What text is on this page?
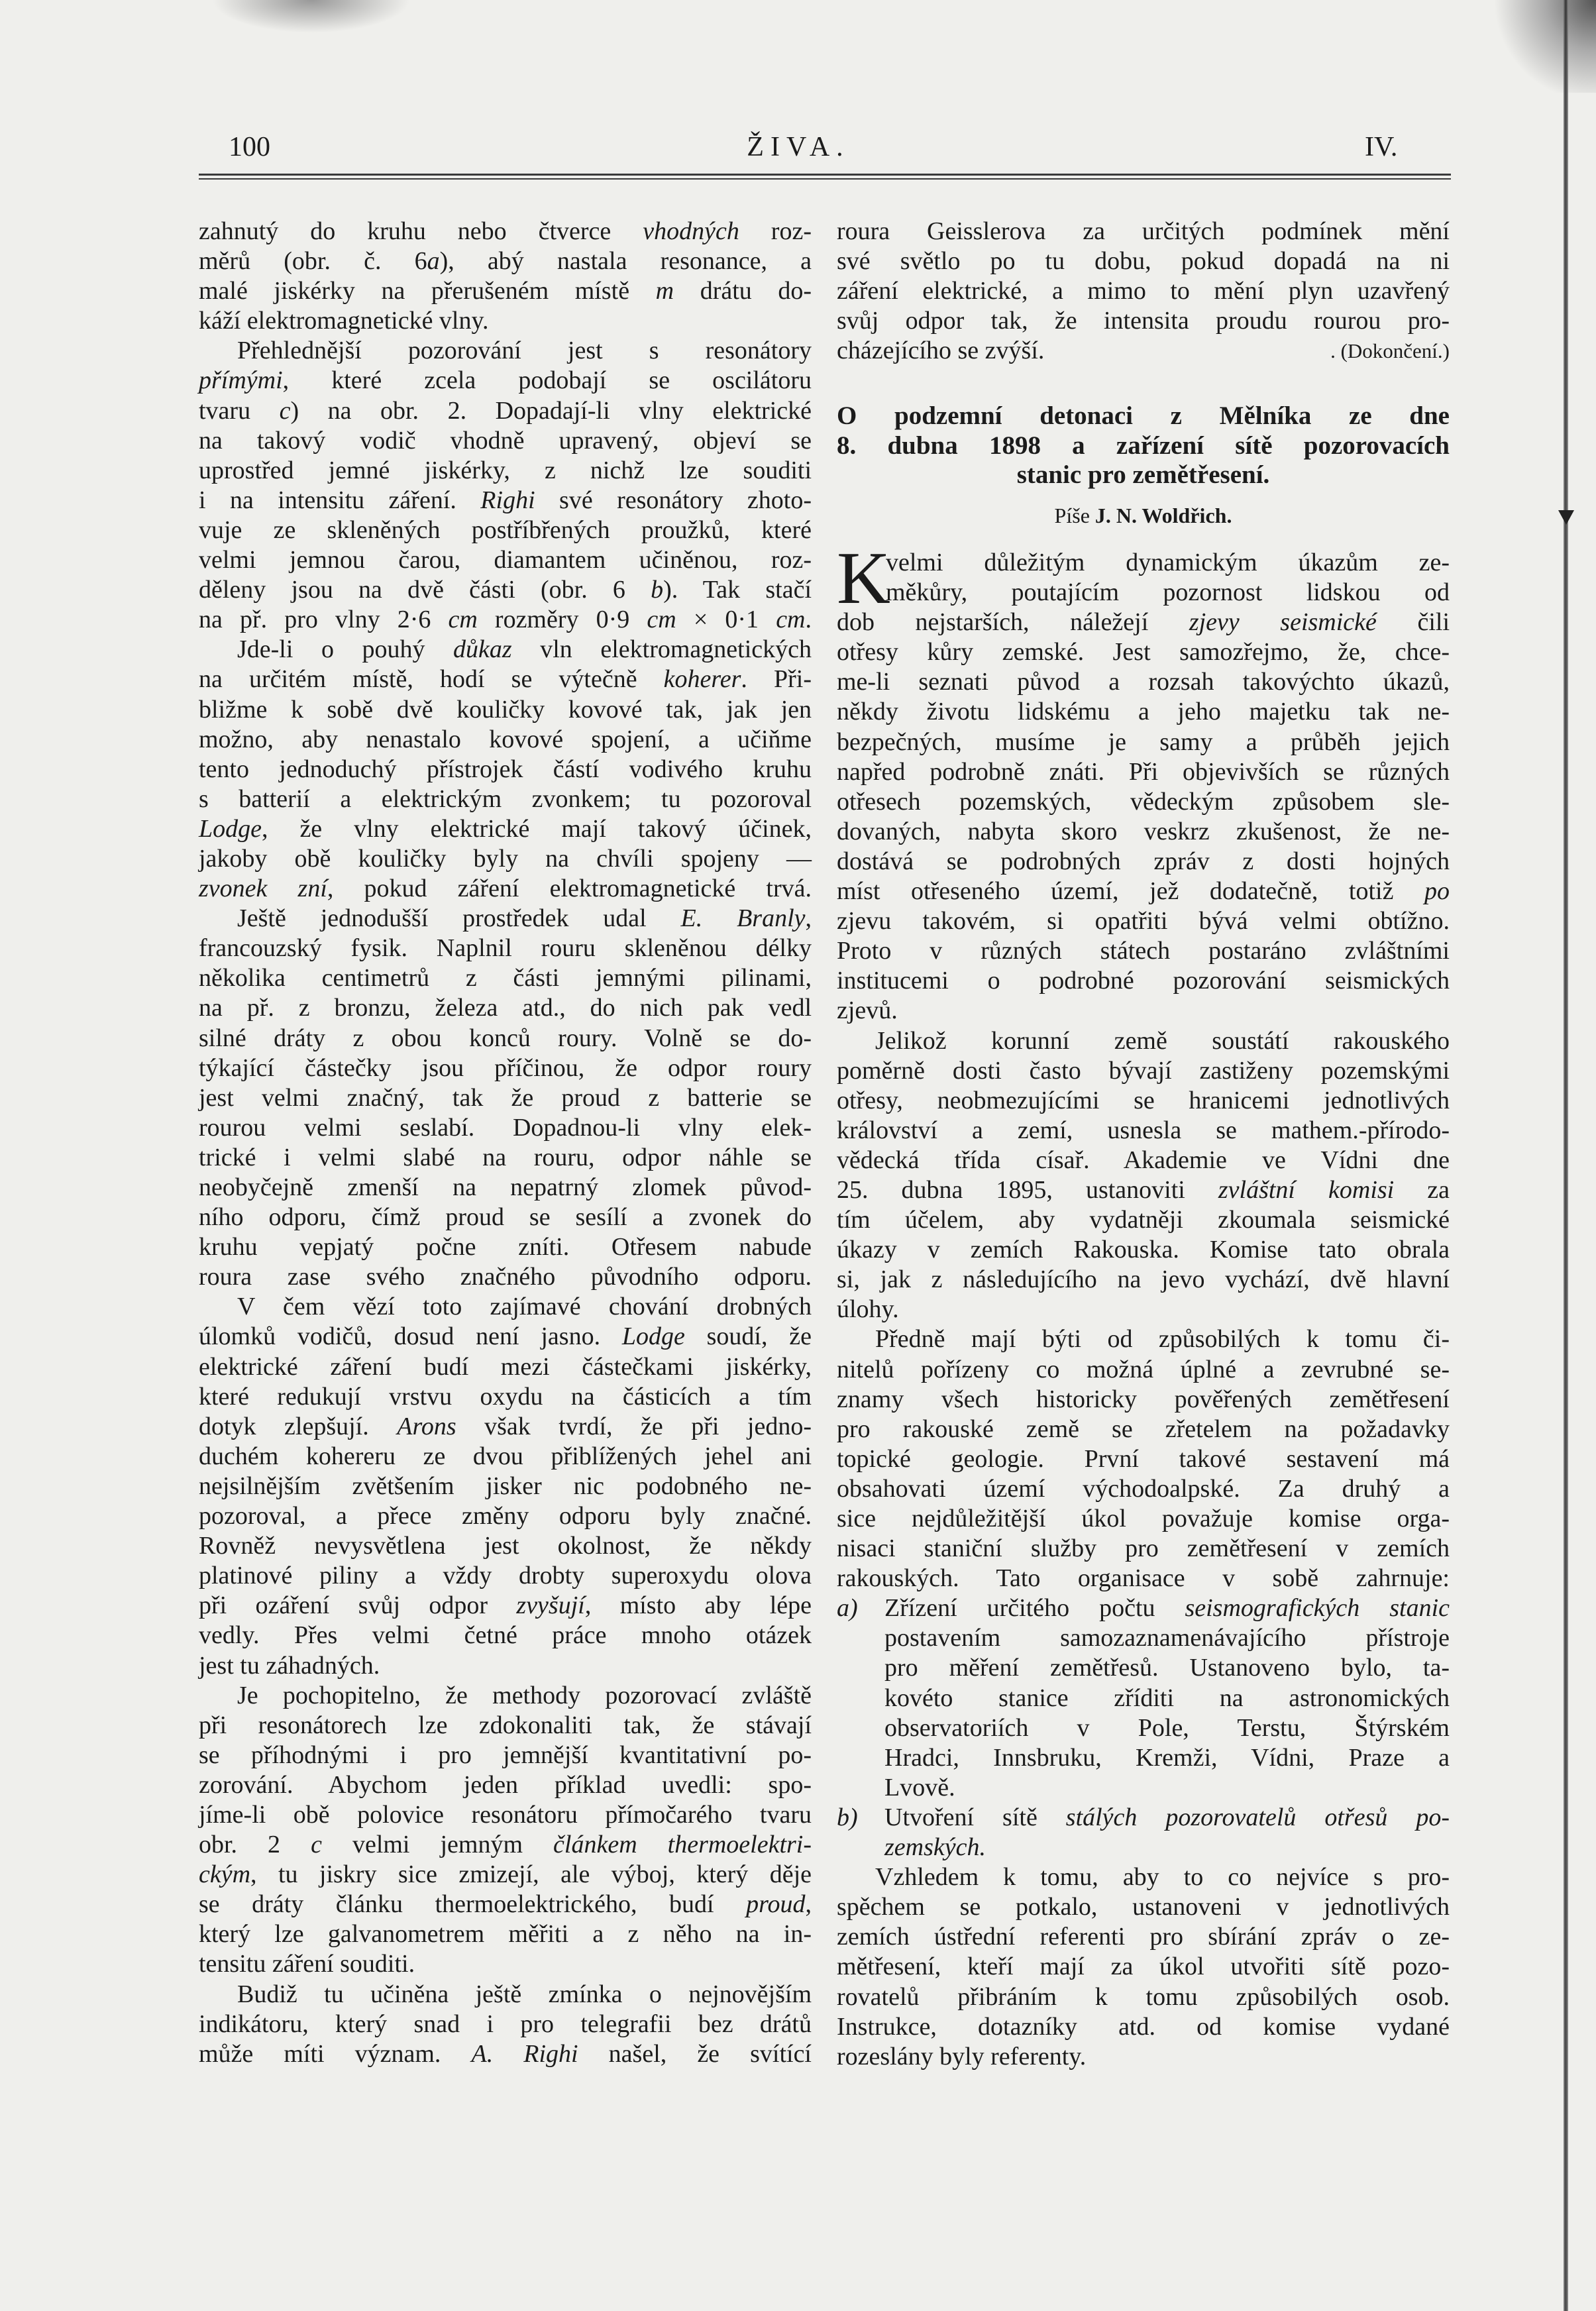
100	ŽIVA.	IV.
zahnutý do kruhu nebo čtverce vhodných roz-
měrů (obr. č. 6a), abý nastala resonance, a
malé jiskérky na přerušeném místě m drátu do-
káží elektromagnetické vlny.
Přehlednější pozorování jest s resonátory
přímými, které zcela podobají se oscilátoru
tvaru c) na obr. 2. Dopadají-li vlny elektrické
na takový vodič vhodně upravený, objeví se
uprostřed jemné jiskérky, z nichž lze souditi
i na intensitu záření. Righi své resonátory zhoto-
vuje ze skleněných postříbřených proužků, které
velmi jemnou čarou, diamantem učiněnou, roz-
děleny jsou na dvě části (obr. 6 b). Tak stačí
na př. pro vlny 2·6 cm rozměry 0·9 cm × 0·1 cm.
Jde-li o pouhý důkaz vln elektromagnetických
na určitém místě, hodí se výtečně koherer. Při-
bližme k sobě dvě kouličky kovové tak, jak jen
možno, aby nenastalo kovové spojení, a učiňme
tento jednoduchý přístrojek částí vodivého kruhu
s batterií a elektrickým zvonkem; tu pozoroval
Lodge, že vlny elektrické mají takový účinek,
jakoby obě kouličky byly na chvíli spojeny —
zvonek zní, pokud záření elektromagnetické trvá.
Ještě jednodušší prostředek udal E. Branly,
francouzský fysik. Naplnil rouru skleněnou délky
několika centimetrů z části jemnými pilinami,
na př. z bronzu, železa atd., do nich pak vedl
silné dráty z obou konců roury. Volně se do-
týkající částečky jsou příčinou, že odpor roury
jest velmi značný, tak že proud z batterie se
rourou velmi seslabí. Dopadnou-li vlny elek-
trické i velmi slabé na rouru, odpor náhle se
neobyčejně zmenší na nepatrný zlomek původ-
ního odporu, čímž proud se sesílí a zvonek do
kruhu vepjatý počne zníti. Otřesem nabude
roura zase svého značného původního odporu.
V čem vězí toto zajímavé chování drobných
úlomků vodičů, dosud není jasno. Lodge soudí, že
elektrické záření budí mezi částečkami jiskérky,
které redukují vrstvu oxydu na částicích a tím
dotyk zlepšují. Arons však tvrdí, že při jedno-
duchém kohereru ze dvou přiblížených jehel ani
nejsilnějším zvětšením jisker nic podobného ne-
pozoroval, a přece změny odporu byly značné.
Rovněž nevysvětlena jest okolnost, že někdy
platinové piliny a vždy drobty superoxydu olova
při ozáření svůj odpor zvyšují, místo aby lépe
vedly. Přes velmi četné práce mnoho otázek
jest tu záhadných.
Je pochopitelno, že methody pozorovací zvláště
při resonátorech lze zdokonaliti tak, že stávají
se příhodnými i pro jemnější kvantitativní po-
zorování. Abychom jeden příklad uvedli: spo-
jíme-li obě polovice resonátoru přímočarého tvaru
obr. 2 c velmi jemným článkem thermoelektri-
ckým, tu jiskry sice zmizejí, ale výboj, který děje
se dráty článku thermoelektrického, budí proud,
který lze galvanometrem měřiti a z něho na in-
tensitu záření souditi.
Budiž tu učiněna ještě zmínka o nejnovějším
indikátoru, který snad i pro telegrafii bez drátů
může míti význam. A. Righi našel, že svítící
roura Geisslerova za určitých podmínek mění
své světlo po tu dobu, pokud dopadá na ni
záření elektrické, a mimo to mění plyn uzavřený
svůj odpor tak, že intensita proudu rourou pro-
. (Dokončení.)
cházejícího se zvýší.
O podzemní detonaci z Mělníka ze dne
8. dubna 1898 a zařízení sítě pozorovacích
stanic pro zemětřesení.
Píše J. N. Woldřich.
K
velmi důležitým dynamickým úkazům ze-
měkůry, poutajícím pozornost lidskou od
dob nejstarších, náležejí zjevy seismické čili
otřesy kůry zemské. Jest samozřejmo, že, chce-
me-li seznati původ a rozsah takovýchto úkazů,
někdy životu lidskému a jeho majetku tak ne-
bezpečných, musíme je samy a průběh jejich
napřed podrobně znáti. Při objevivších se různých
otřesech pozemských, vědeckým způsobem sle-
dovaných, nabyta skoro veskrz zkušenost, že ne-
dostává se podrobných zpráv z dosti hojných
míst otřeseného území, jež dodatečně, totiž po
zjevu takovém, si opatřiti bývá velmi obtížno.
Proto v různých státech postaráno zvláštními
institucemi o podrobné pozorování seismických
zjevů.
Jelikož korunní země soustátí rakouského
poměrně dosti často bývají zastiženy pozemskými
otřesy, neobmezujícími se hranicemi jednotlivých
království a zemí, usnesla se mathem.-přírodo-
vědecká třída císař. Akademie ve Vídni dne
25. dubna 1895, ustanoviti zvláštní komisi za
tím účelem, aby vydatněji zkoumala seismické
úkazy v zemích Rakouska. Komise tato obrala
si, jak z následujícího na jevo vychází, dvě hlavní
úlohy.
Předně mají býti od způsobilých k tomu či-
nitelů pořízeny co možná úplné a zevrubné se-
znamy všech historicky pověřených zemětřesení
pro rakouské země se zřetelem na požadavky
topické geologie. První takové sestavení má
obsahovati území východoalpské. Za druhý a
sice nejdůležitější úkol považuje komise orga-
nisaci staniční služby pro zemětřesení v zemích
rakouských. Tato organisace v sobě zahrnuje:
a) Zřízení určitého počtu seismografických stanic
postavením samozaznamenávajícího přístroje
pro měření zemětřesů. Ustanoveno bylo, ta-
kovéto stanice zříditi na astronomických
observatoriích v Pole, Terstu, Štýrském
Hradci, Innsbruku, Kremži, Vídni, Praze a
Lvově.
b) Utvoření sítě stálých pozorovatelů otřesů po-
zemských.
Vzhledem k tomu, aby to co nejvíce s pro-
spěchem se potkalo, ustanoveni v jednotlivých
zemích ústřední referenti pro sbírání zpráv o ze-
mětřesení, kteří mají za úkol utvořiti sítě pozo-
rovatelů přibráním k tomu způsobilých osob.
Instrukce, dotazníky atd. od komise vydané
rozeslány byly referenty.
